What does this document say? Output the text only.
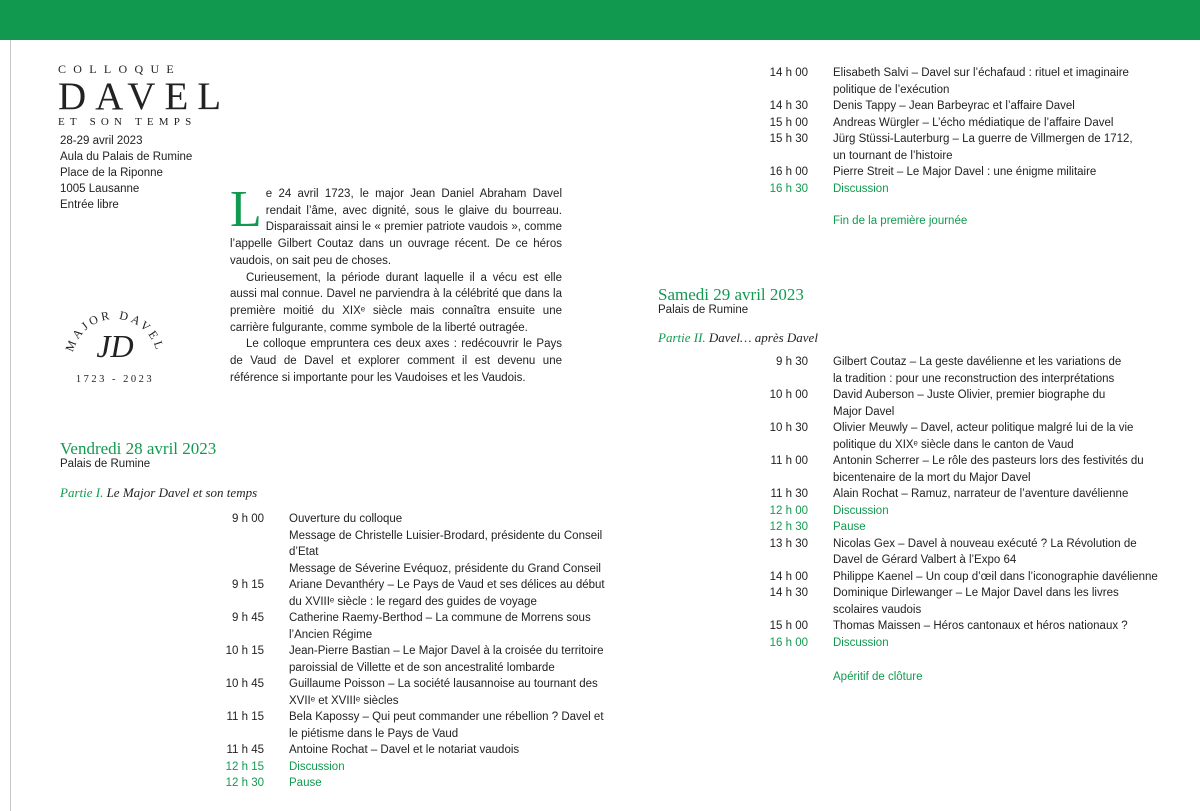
COLLOQUE
DAVEL
ET SON TEMPS
28-29 avril 2023
Aula du Palais de Rumine
Place de la Riponne
1005 Lausanne
Entrée libre
MAJOR DAVEL
JD
1723 - 2023
L e 24 avril 1723, le major Jean Daniel Abraham Davel rendait l’âme, avec dignité, sous le glaive du bourreau. Disparaissait ainsi le « premier patriote vaudois », comme l’appelle Gilbert Coutaz dans un ouvrage récent. De ce héros vaudois, on sait peu de choses.

Curieusement, la période durant laquelle il a vécu est elle aussi mal connue. Davel ne parviendra à la célébrité que dans la première moitié du XIXᵉ siècle mais connaîtra ensuite une carrière fulgurante, comme symbole de la liberté outragée.

Le colloque empruntera ces deux axes : redécouvrir le Pays de Vaud de Davel et explorer comment il est devenu une référence si importante pour les Vaudoises et les Vaudois.

Vendredi 28 avril 2023
Palais de Rumine
Partie I. Le Major Davel et son temps
9 h 00 Ouverture du colloque
Message de Christelle Luisier-Brodard, présidente du Conseil
d’Etat
Message de Séverine Evéquoz, présidente du Grand Conseil
9 h 15 Ariane Devanthéry – Le Pays de Vaud et ses délices au début
du XVIIIᵉ siècle : le regard des guides de voyage
9 h 45 Catherine Raemy-Berthod – La commune de Morrens sous
l’Ancien Régime
10 h 15 Jean-Pierre Bastian – Le Major Davel à la croisée du territoire
paroissial de Villette et de son ancestralité lombarde
10 h 45 Guillaume Poisson – La société lausannoise au tournant des
XVIIᵉ et XVIIIᵉ siècles
11 h 15 Bela Kapossy – Qui peut commander une rébellion ? Davel et
le piétisme dans le Pays de Vaud
11 h 45 Antoine Rochat – Davel et le notariat vaudois
12 h 15 Discussion
12 h 30 Pause
14 h 00 Elisabeth Salvi – Davel sur l’échafaud : rituel et imaginaire
politique de l’exécution
14 h 30 Denis Tappy – Jean Barbeyrac et l’affaire Davel
15 h 00 Andreas Würgler – L’écho médiatique de l’affaire Davel
15 h 30 Jürg Stüssi-Lauterburg – La guerre de Villmergen de 1712,
un tournant de l’histoire
16 h 00 Pierre Streit – Le Major Davel : une énigme militaire
16 h 30 Discussion
Fin de la première journée
Samedi 29 avril 2023
Palais de Rumine
Partie II. Davel… après Davel
9 h 30 Gilbert Coutaz – La geste davélienne et les variations de
la tradition : pour une reconstruction des interprétations
10 h 00 David Auberson – Juste Olivier, premier biographe du
Major Davel
10 h 30 Olivier Meuwly – Davel, acteur politique malgré lui de la vie
politique du XIXᵉ siècle dans le canton de Vaud
11 h 00 Antonin Scherrer – Le rôle des pasteurs lors des festivités du
bicentenaire de la mort du Major Davel
11 h 30 Alain Rochat – Ramuz, narrateur de l’aventure davélienne
12 h 00 Discussion
12 h 30 Pause
13 h 30 Nicolas Gex – Davel à nouveau exécuté ? La Révolution de
Davel de Gérard Valbert à l’Expo 64
14 h 00 Philippe Kaenel – Un coup d’œil dans l’iconographie davélienne
14 h 30 Dominique Dirlewanger – Le Major Davel dans les livres
scolaires vaudois
15 h 00 Thomas Maissen – Héros cantonaux et héros nationaux ?
16 h 00 Discussion
Apéritif de clôture
